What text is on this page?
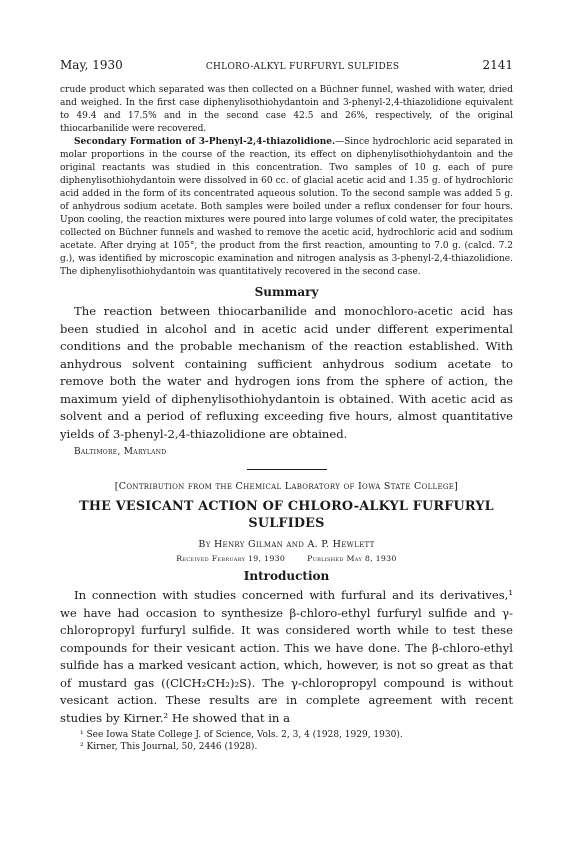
May, 1930	CHLORO-ALKYL FURFURYL SULFIDES	2141

crude product which separated was then collected on a Büchner funnel, washed with water, dried and weighed. In the first case diphenylisothiohydantoin and 3-phenyl-2,4-thiazolidione equivalent to 49.4 and 17.5% and in the second case 42.5 and 26%, respectively, of the original thiocarbanilide were recovered.

Secondary Formation of 3-Phenyl-2,4-thiazolidione.—Since hydrochloric acid separated in molar proportions in the course of the reaction, its effect on diphenylisothiohydantoin and the original reactants was studied in this concentration. Two samples of 10 g. each of pure diphenylisothiohydantoin were dissolved in 60 cc. of glacial acetic acid and 1.35 g. of hydrochloric acid added in the form of its concentrated aqueous solution. To the second sample was added 5 g. of anhydrous sodium acetate. Both samples were boiled under a reflux condenser for four hours. Upon cooling, the reaction mixtures were poured into large volumes of cold water, the precipitates collected on Büchner funnels and washed to remove the acetic acid, hydrochloric acid and sodium acetate. After drying at 105°, the product from the first reaction, amounting to 7.0 g. (calcd. 7.2 g.), was identified by microscopic examination and nitrogen analysis as 3-phenyl-2,4-thiazolidione. The diphenylisothiohydantoin was quantitatively recovered in the second case.

Summary

The reaction between thiocarbanilide and monochloro-acetic acid has been studied in alcohol and in acetic acid under different experimental conditions and the probable mechanism of the reaction established. With anhydrous solvent containing sufficient anhydrous sodium acetate to remove both the water and hydrogen ions from the sphere of action, the maximum yield of diphenylisothiohydantoin is obtained. With acetic acid as solvent and a period of refluxing exceeding five hours, almost quantitative yields of 3-phenyl-2,4-thiazolidione are obtained.

Baltimore, Maryland
[Contribution from the Chemical Laboratory of Iowa State College]
THE VESICANT ACTION OF CHLORO-ALKYL FURFURYL SULFIDES
By Henry Gilman and A. P. Hewlett
Received February 19, 1930	Published May 8, 1930
Introduction

In connection with studies concerned with furfural and its derivatives,¹ we have had occasion to synthesize β-chloro-ethyl furfuryl sulfide and γ-chloropropyl furfuryl sulfide. It was considered worth while to test these compounds for their vesicant action. This we have done. The β-chloro-ethyl sulfide has a marked vesicant action, which, however, is not so great as that of mustard gas ((ClCH₂CH₂)₂S). The γ-chloropropyl compound is without vesicant action. These results are in complete agreement with recent studies by Kirner.² He showed that in a

¹ See Iowa State College J. of Science, Vols. 2, 3, 4 (1928, 1929, 1930).
² Kirner, This Journal, 50, 2446 (1928).
